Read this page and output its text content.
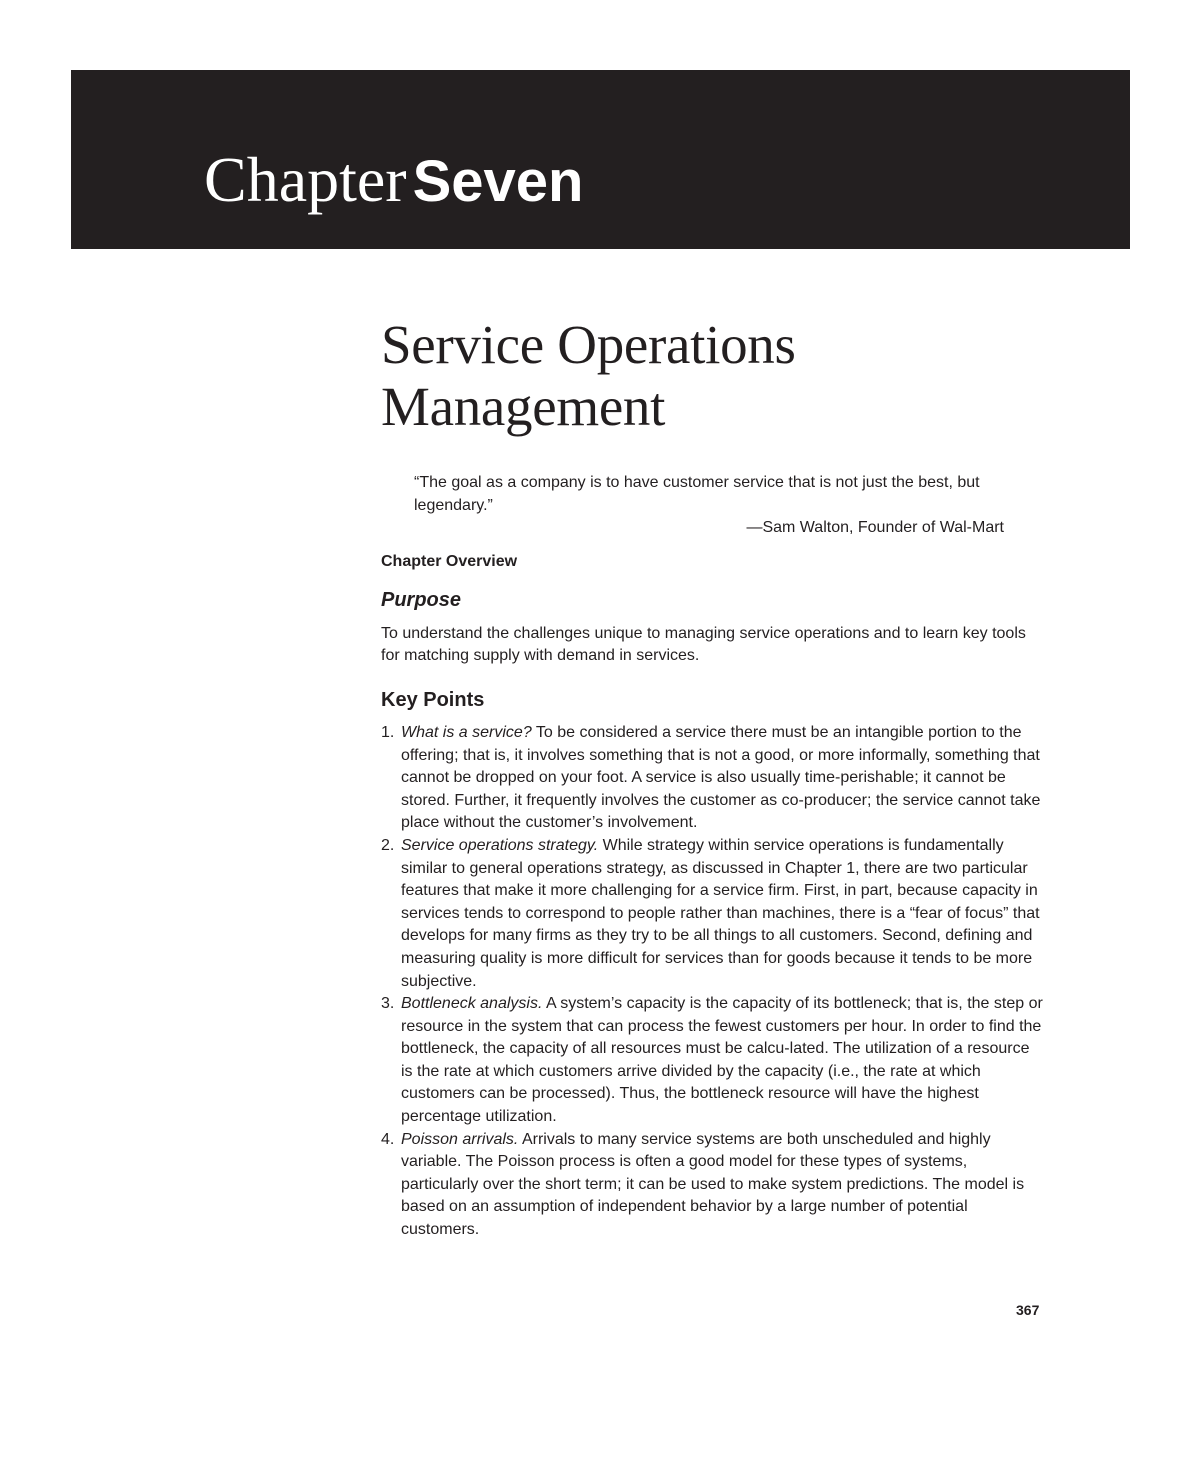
Chapter Seven
Service Operations
Management

“The goal as a company is to have customer service that is not just the best, but legendary.”

—Sam Walton, Founder of Wal-Mart

Chapter Overview
Purpose

To understand the challenges unique to managing service operations and to learn key tools for matching supply with demand in services.

Key Points
1. What is a service? To be considered a service there must be an intangible portion to the offering; that is, it involves something that is not a good, or more informally, something that cannot be dropped on your foot. A service is also usually time-perishable; it cannot be stored. Further, it frequently involves the customer as co-producer; the service cannot take place without the customer’s involvement.
2. Service operations strategy. While strategy within service operations is fundamentally similar to general operations strategy, as discussed in Chapter 1, there are two particular features that make it more challenging for a service firm. First, in part, because capacity in services tends to correspond to people rather than machines, there is a “fear of focus” that develops for many firms as they try to be all things to all customers. Second, defining and measuring quality is more difficult for services than for goods because it tends to be more subjective.
3. Bottleneck analysis. A system’s capacity is the capacity of its bottleneck; that is, the step or resource in the system that can process the fewest customers per hour. In order to find the bottleneck, the capacity of all resources must be calcu-lated. The utilization of a resource is the rate at which customers arrive divided by the capacity (i.e., the rate at which customers can be processed). Thus, the bottleneck resource will have the highest percentage utilization.
4. Poisson arrivals. Arrivals to many service systems are both unscheduled and highly variable. The Poisson process is often a good model for these types of systems, particularly over the short term; it can be used to make system predictions. The model is based on an assumption of independent behavior by a large number of potential customers.
367
